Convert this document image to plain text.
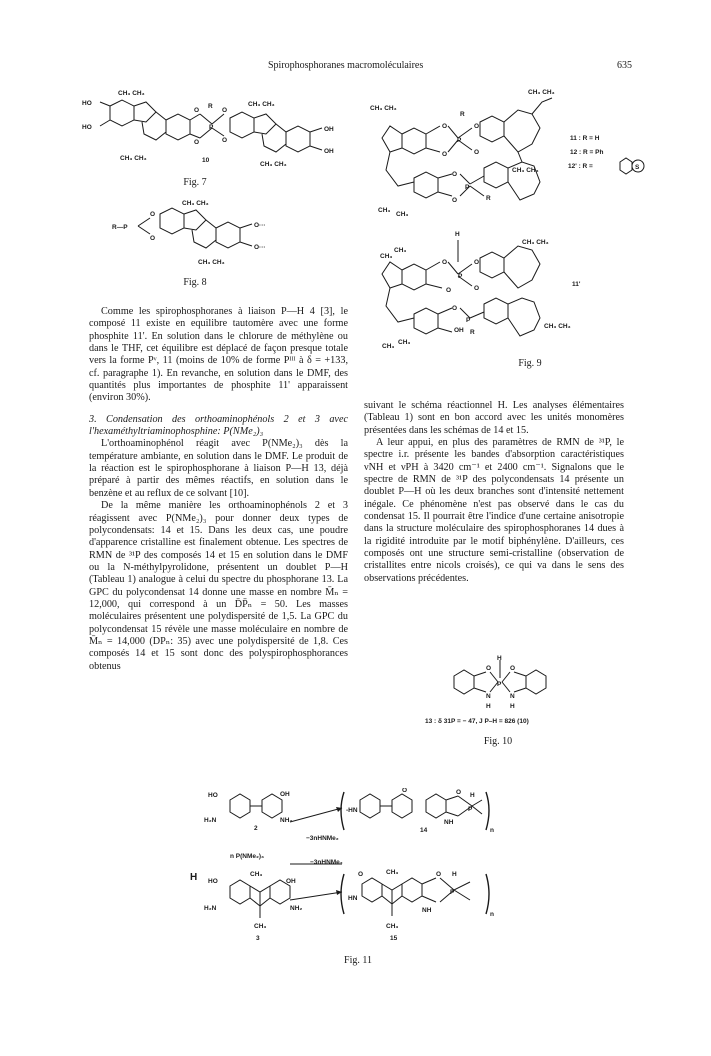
Spirophosphoranes macromoléculaires	635
HO
HO
CH₃ CH₃
CH₃ CH₃
R
P
O
O
O
O
CH₃ CH₃
OH
OH
CH₃ CH₃
10
Fig. 7
R—P
O
O
CH₃ CH₃
O···
O···
CH₃ CH₃
Fig. 8
CH₃ CH₃
CH₃
CH₃
R
P
P
O
O
O
O
O
O	R
CH₃ CH₃
CH₃ CH₃
11 : R = H
12 : R = Ph
12' : R =	S
CH₃
CH₃
H
P
P
O	O
O
O
O
R
OH
CH₃ CH₃
CH₃ CH₃
CH₃
CH₃
11'
Fig. 9

Comme les spirophosphoranes à liaison P—H 4 [3], le composé 11 existe en equilibre tautomère avec une forme phosphite 11'. En solution dans le chlorure de méthylène ou dans le THF, cet équilibre est déplacé de façon presque totale vers la forme Pᵛ, 11 (moins de 10% de forme Pᴵᴵᴵ à δ = +133, cf. paragraphe 1). En revanche, en solution dans le DMF, des quantités plus importantes de phosphite 11' apparaissent (environ 30%).

3. Condensation des orthoaminophénols 2 et 3 avec l'hexaméthyltriaminophosphine: P(NMe₂)₃

L'orthoaminophénol réagit avec P(NMe₂)₃ dès la température ambiante, en solution dans le DMF. Le produit de la réaction est le spirophosphorane à liaison P—H 13, déjà préparé à partir des mêmes réactifs, en solution dans le benzène et au reflux de ce solvant [10].

De la même manière les orthoaminophénols 2 et 3 réagissent avec P(NMe₂)₃ pour donner deux types de polycondensats: 14 et 15. Dans les deux cas, une poudre d'apparence cristalline est finalement obtenue. Les spectres de RMN de ³¹P des composés 14 et 15 en solution dans le DMF ou la N-méthylpyrolidone, présentent un doublet P—H (Tableau 1) analogue à celui du spectre du phosphorane 13. La GPC du polycondensat 14 donne une masse en nombre M̄ₙ = 12,000, qui correspond à un D̄P̄ₙ = 50. Les masses moléculaires présentent une polydispersité de 1,5. La GPC du polycondensat 15 révèle une masse moléculaire en nombre de M̄ₙ = 14,000 (DPₙ: 35) avec une polydispersité de 1,8. Ces composés 14 et 15 sont donc des polyspirophosphorances obtenus

suivant le schéma réactionnel H. Les analyses élémentaires (Tableau 1) sont en bon accord avec les unités monomères présentées dans les schémas de 14 et 15.

A leur appui, en plus des paramètres de RMN de ³¹P, le spectre i.r. présente les bandes d'absorption caractéristiques νNH et νPH à 3420 cm⁻¹ et 2400 cm⁻¹. Signalons que le spectre de RMN de ³¹P des polycondensats 14 présente un doublet P—H où les deux branches sont d'intensité nettement inégale. Ce phénomène n'est pas observé dans le cas du condensat 15. Il pourrait être l'indice d'une certaine anisotropie dans la structure moléculaire des spirophosphoranes 14 dues à la rigidité introduite par le motif biphénylène. D'ailleurs, ces composés ont une structure semi-cristalline (observation de cristallites entre nicols croisés), ce qui va dans le sens des observations précédentes.

H
O	O
P
N	N
H	H
13 : δ 31P = − 47, J P–H = 826 (10)
Fig. 10
HO	OH
H₂N	NH₂
2
-HN
O	O
NH
H
P
14	n
−3nHNMe₂
n P(NMe₂)₃
−3nHNMe₂
H HO
CH₃
OH
H₂N	NH₂
CH₃
3
O	CH₃
HN
O H
P
NH
CH₃
15
n
Fig. 11
